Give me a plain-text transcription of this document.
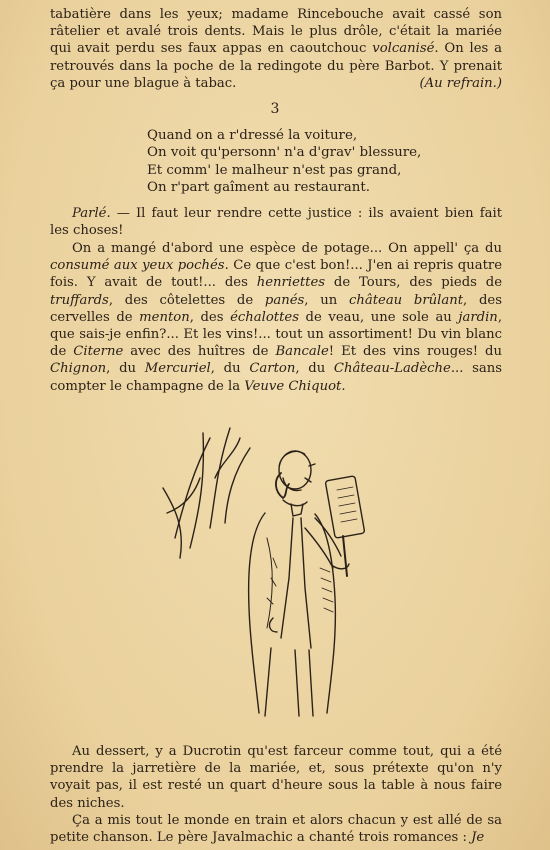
tabatière dans les yeux; madame Rincebouche avait cassé son râtelier et avalé trois dents. Mais le plus drôle, c'était la mariée qui avait perdu ses faux appas en caoutchouc volcanisé. On les a retrouvés dans la poche de la redingote du père Barbot. Y prenait ça pour une blague à tabac.	(Au refrain.)

3
Quand on a r'dressé la voiture,
On voit qu'personn' n'a d'grav' blessure,
Et comm' le malheur n'est pas grand,
On r'part gaîment au restaurant.

Parlé. — Il faut leur rendre cette justice : ils avaient bien fait les choses!

On a mangé d'abord une espèce de potage... On appell' ça du consumé aux yeux pochés. Ce que c'est bon!... J'en ai repris quatre fois. Y avait de tout!... des henriettes de Tours, des pieds de truffards, des côtelettes de panés, un château brûlant, des cervelles de menton, des échalottes de veau, une sole au jardin, que sais-je enfin?... Et les vins!... tout un assortiment! Du vin blanc de Citerne avec des huîtres de Bancale! Et des vins rouges! du Chignon, du Mercuriel, du Carton, du Château-Ladèche... sans compter le champagne de la Veuve Chiquot.

Au dessert, y a Ducrotin qu'est farceur comme tout, qui a été prendre la jarretière de la mariée, et, sous prétexte qu'on n'y voyait pas, il est resté un quart d'heure sous la table à nous faire des niches.

Ça a mis tout le monde en train et alors chacun y est allé de sa petite chanson. Le père Javalmachic a chanté trois romances : Je
